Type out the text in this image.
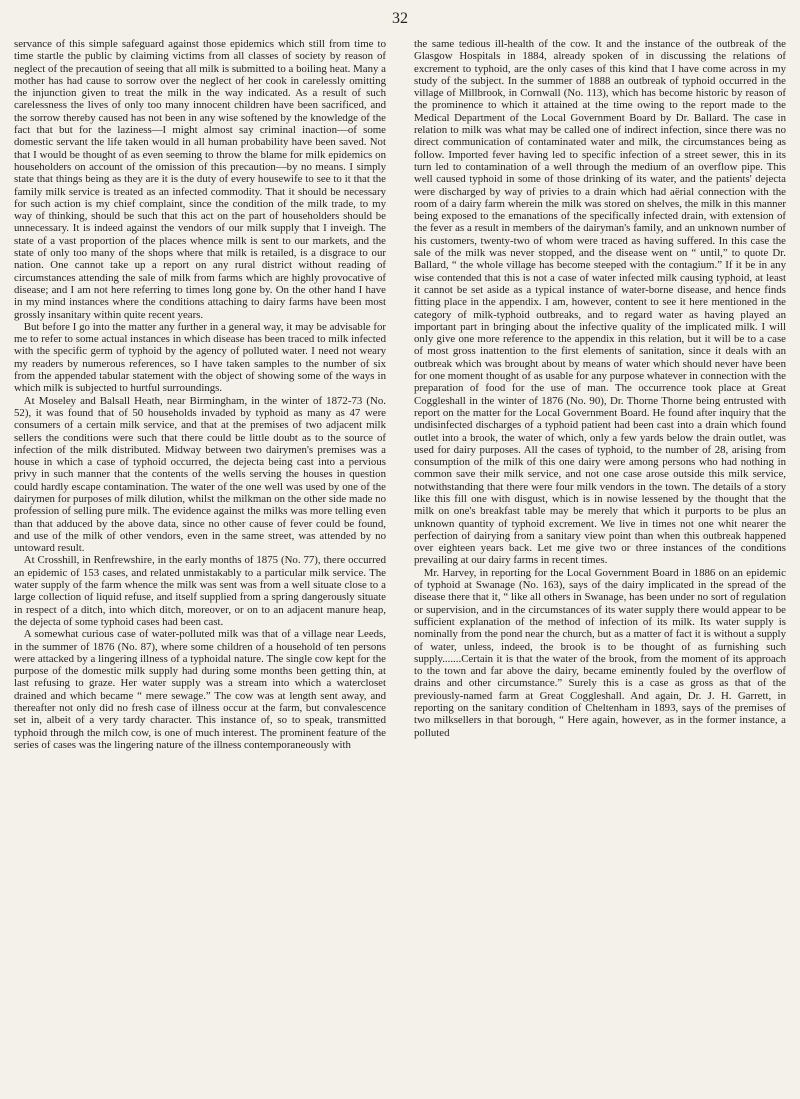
32

servance of this simple safeguard against those epidemics which still from time to time startle the public by claiming victims from all classes of society by reason of neglect of the precaution of seeing that all milk is submitted to a boiling heat. Many a mother has had cause to sorrow over the neglect of her cook in carelessly omitting the injunction given to treat the milk in the way indicated. As a result of such carelessness the lives of only too many innocent children have been sacrificed, and the sorrow thereby caused has not been in any wise softened by the knowledge of the fact that but for the laziness—I might almost say criminal inaction—of some domestic servant the life taken would in all human probability have been saved. Not that I would be thought of as even seeming to throw the blame for milk epidemics on householders on account of the omission of this precaution—by no means. I simply state that things being as they are it is the duty of every housewife to see to it that the family milk service is treated as an infected commodity. That it should be necessary for such action is my chief complaint, since the condition of the milk trade, to my way of thinking, should be such that this act on the part of householders should be unnecessary. It is indeed against the vendors of our milk supply that I inveigh. The state of a vast proportion of the places whence milk is sent to our markets, and the state of only too many of the shops where that milk is retailed, is a disgrace to our nation. One cannot take up a report on any rural district without reading of circumstances attending the sale of milk from farms which are highly provocative of disease; and I am not here referring to times long gone by. On the other hand I have in my mind instances where the conditions attaching to dairy farms have been most grossly insanitary within quite recent years.

But before I go into the matter any further in a general way, it may be advisable for me to refer to some actual instances in which disease has been traced to milk infected with the specific germ of typhoid by the agency of polluted water. I need not weary my readers by numerous references, so I have taken samples to the number of six from the appended tabular statement with the object of showing some of the ways in which milk is subjected to hurtful surroundings.

At Moseley and Balsall Heath, near Birmingham, in the winter of 1872-73 (No. 52), it was found that of 50 households invaded by typhoid as many as 47 were consumers of a certain milk service, and that at the premises of two adjacent milk sellers the conditions were such that there could be little doubt as to the source of infection of the milk distributed. Midway between two dairymen's premises was a house in which a case of typhoid occurred, the dejecta being cast into a pervious privy in such manner that the contents of the wells serving the houses in question could hardly escape contamination. The water of the one well was used by one of the dairymen for purposes of milk dilution, whilst the milkman on the other side made no profession of selling pure milk. The evidence against the milks was more telling even than that adduced by the above data, since no other cause of fever could be found, and use of the milk of other vendors, even in the same street, was attended by no untoward result.

At Crosshill, in Renfrewshire, in the early months of 1875 (No. 77), there occurred an epidemic of 153 cases, and related unmistakably to a particular milk service. The water supply of the farm whence the milk was sent was from a well situate close to a large collection of liquid refuse, and itself supplied from a spring dangerously situate in respect of a ditch, into which ditch, moreover, or on to an adjacent manure heap, the dejecta of some typhoid cases had been cast.

A somewhat curious case of water-polluted milk was that of a village near Leeds, in the summer of 1876 (No. 87), where some children of a household of ten persons were attacked by a lingering illness of a typhoidal nature. The single cow kept for the purpose of the domestic milk supply had during some months been getting thin, at last refusing to graze. Her water supply was a stream into which a watercloset drained and which became “ mere sewage.” The cow was at length sent away, and thereafter not only did no fresh case of illness occur at the farm, but convalescence set in, albeit of a very tardy character. This instance of, so to speak, transmitted typhoid through the milch cow, is one of much interest. The prominent feature of the series of cases was the lingering nature of the illness contemporaneously with

the same tedious ill-health of the cow. It and the instance of the outbreak of the Glasgow Hospitals in 1884, already spoken of in discussing the relations of excrement to typhoid, are the only cases of this kind that I have come across in my study of the subject. In the summer of 1888 an outbreak of typhoid occurred in the village of Millbrook, in Cornwall (No. 113), which has become historic by reason of the prominence to which it attained at the time owing to the report made to the Medical Department of the Local Government Board by Dr. Ballard. The case in relation to milk was what may be called one of indirect infection, since there was no direct communication of contaminated water and milk, the circumstances being as follow. Imported fever having led to specific infection of a street sewer, this in its turn led to contamination of a well through the medium of an overflow pipe. This well caused typhoid in some of those drinking of its water, and the patients' dejecta were discharged by way of privies to a drain which had aërial connection with the room of a dairy farm wherein the milk was stored on shelves, the milk in this manner being exposed to the emanations of the specifically infected drain, with extension of the fever as a result in members of the dairyman's family, and an unknown number of his customers, twenty-two of whom were traced as having suffered. In this case the sale of the milk was never stopped, and the disease went on “ until,” to quote Dr. Ballard, “ the whole village has become steeped with the contagium.” If it be in any wise contended that this is not a case of water infected milk causing typhoid, at least it cannot be set aside as a typical instance of water-borne disease, and hence finds fitting place in the appendix. I am, however, content to see it here mentioned in the category of milk-typhoid outbreaks, and to regard water as having played an important part in bringing about the infective quality of the implicated milk. I will only give one more reference to the appendix in this relation, but it will be to a case of most gross inattention to the first elements of sanitation, since it deals with an outbreak which was brought about by means of water which should never have been for one moment thought of as usable for any purpose whatever in connection with the preparation of food for the use of man. The occurrence took place at Great Coggleshall in the winter of 1876 (No. 90), Dr. Thorne Thorne being entrusted with report on the matter for the Local Government Board. He found after inquiry that the undisinfected discharges of a typhoid patient had been cast into a drain which found outlet into a brook, the water of which, only a few yards below the drain outlet, was used for dairy purposes. All the cases of typhoid, to the number of 28, arising from consumption of the milk of this one dairy were among persons who had nothing in common save their milk service, and not one case arose outside this milk service, notwithstanding that there were four milk vendors in the town. The details of a story like this fill one with disgust, which is in nowise lessened by the thought that the milk on one's breakfast table may be merely that which it purports to be plus an unknown quantity of typhoid excrement. We live in times not one whit nearer the perfection of dairying from a sanitary view point than when this outbreak happened over eighteen years back. Let me give two or three instances of the conditions prevailing at our dairy farms in recent times.

Mr. Harvey, in reporting for the Local Government Board in 1886 on an epidemic of typhoid at Swanage (No. 163), says of the dairy implicated in the spread of the disease there that it, “ like all others in Swanage, has been under no sort of regulation or supervision, and in the circumstances of its water supply there would appear to be sufficient explanation of the method of infection of its milk. Its water supply is nominally from the pond near the church, but as a matter of fact it is without a supply of water, unless, indeed, the brook is to be thought of as furnishing such supply.......Certain it is that the water of the brook, from the moment of its approach to the town and far above the dairy, became eminently fouled by the overflow of drains and other circumstance.” Surely this is a case as gross as that of the previously-named farm at Great Coggleshall. And again, Dr. J. H. Garrett, in reporting on the sanitary condition of Cheltenham in 1893, says of the premises of two milksellers in that borough, “ Here again, however, as in the former instance, a polluted
